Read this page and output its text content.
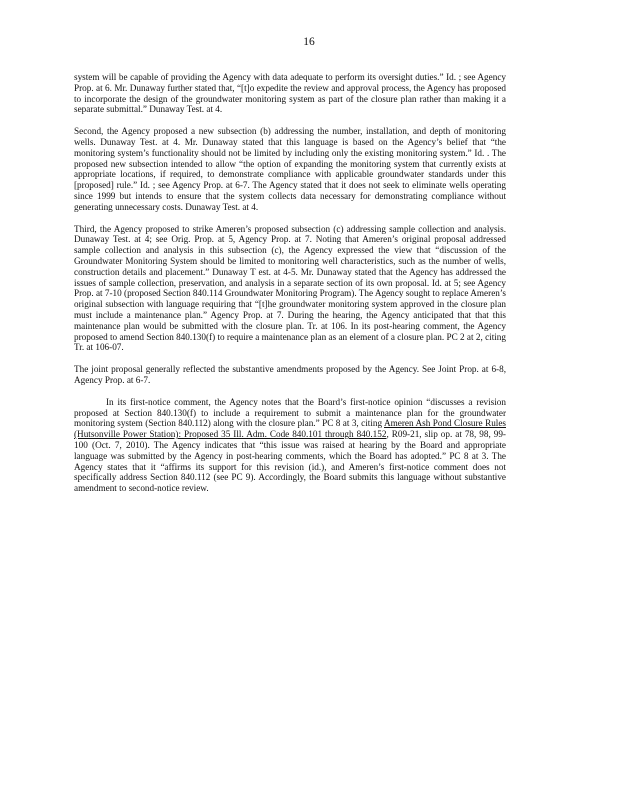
16

system will be capable of providing the Agency with data adequate to perform its oversight duties.” Id. ; see Agency Prop. at 6. Mr. Dunaway further stated that, “[t]o expedite the review and approval process, the Agency has proposed to incorporate the design of the groundwater monitoring system as part of the closure plan rather than making it a separate submittal.” Dunaway Test. at 4.

Second, the Agency proposed a new subsection (b) addressing the number, installation, and depth of monitoring wells. Dunaway Test. at 4. Mr. Dunaway stated that this language is based on the Agency’s belief that “the monitoring system’s functionality should not be limited by including only the existing monitoring system.” Id. . The proposed new subsection intended to allow “the option of expanding the monitoring system that currently exists at appropriate locations, if required, to demonstrate compliance with applicable groundwater standards under this [proposed] rule.” Id. ; see Agency Prop. at 6-7. The Agency stated that it does not seek to eliminate wells operating since 1999 but intends to ensure that the system collects data necessary for demonstrating compliance without generating unnecessary costs. Dunaway Test. at 4.

Third, the Agency proposed to strike Ameren’s proposed subsection (c) addressing sample collection and analysis. Dunaway Test. at 4; see Orig. Prop. at 5, Agency Prop. at 7. Noting that Ameren’s original proposal addressed sample collection and analysis in this subsection (c), the Agency expressed the view that “discussion of the Groundwater Monitoring System should be limited to monitoring well characteristics, such as the number of wells, construction details and placement.” Dunaway T est. at 4-5. Mr. Dunaway stated that the Agency has addressed the issues of sample collection, preservation, and analysis in a separate section of its own proposal. Id. at 5; see Agency Prop. at 7-10 (proposed Section 840.114 Groundwater Monitoring Program). The Agency sought to replace Ameren’s original subsection with language requiring that “[t]he groundwater monitoring system approved in the closure plan must include a maintenance plan.” Agency Prop. at 7. During the hearing, the Agency anticipated that that this maintenance plan would be submitted with the closure plan. Tr. at 106. In its post-hearing comment, the Agency proposed to amend Section 840.130(f) to require a maintenance plan as an element of a closure plan. PC 2 at 2, citing Tr. at 106-07.

The joint proposal generally reflected the substantive amendments proposed by the Agency. See Joint Prop. at 6-8, Agency Prop. at 6-7.

In its first-notice comment, the Agency notes that the Board’s first-notice opinion “discusses a revision proposed at Section 840.130(f) to include a requirement to submit a maintenance plan for the groundwater monitoring system (Section 840.112) along with the closure plan.” PC 8 at 3, citing Ameren Ash Pond Closure Rules (Hutsonville Power Station): Proposed 35 Ill. Adm. Code 840.101 through 840.152, R09-21, slip op. at 78, 98, 99-100 (Oct. 7, 2010). The Agency indicates that “this issue was raised at hearing by the Board and appropriate language was submitted by the Agency in post-hearing comments, which the Board has adopted.” PC 8 at 3. The Agency states that it “affirms its support for this revision (id.), and Ameren’s first-notice comment does not specifically address Section 840.112 (see PC 9). Accordingly, the Board submits this language without substantive amendment to second-notice review.
